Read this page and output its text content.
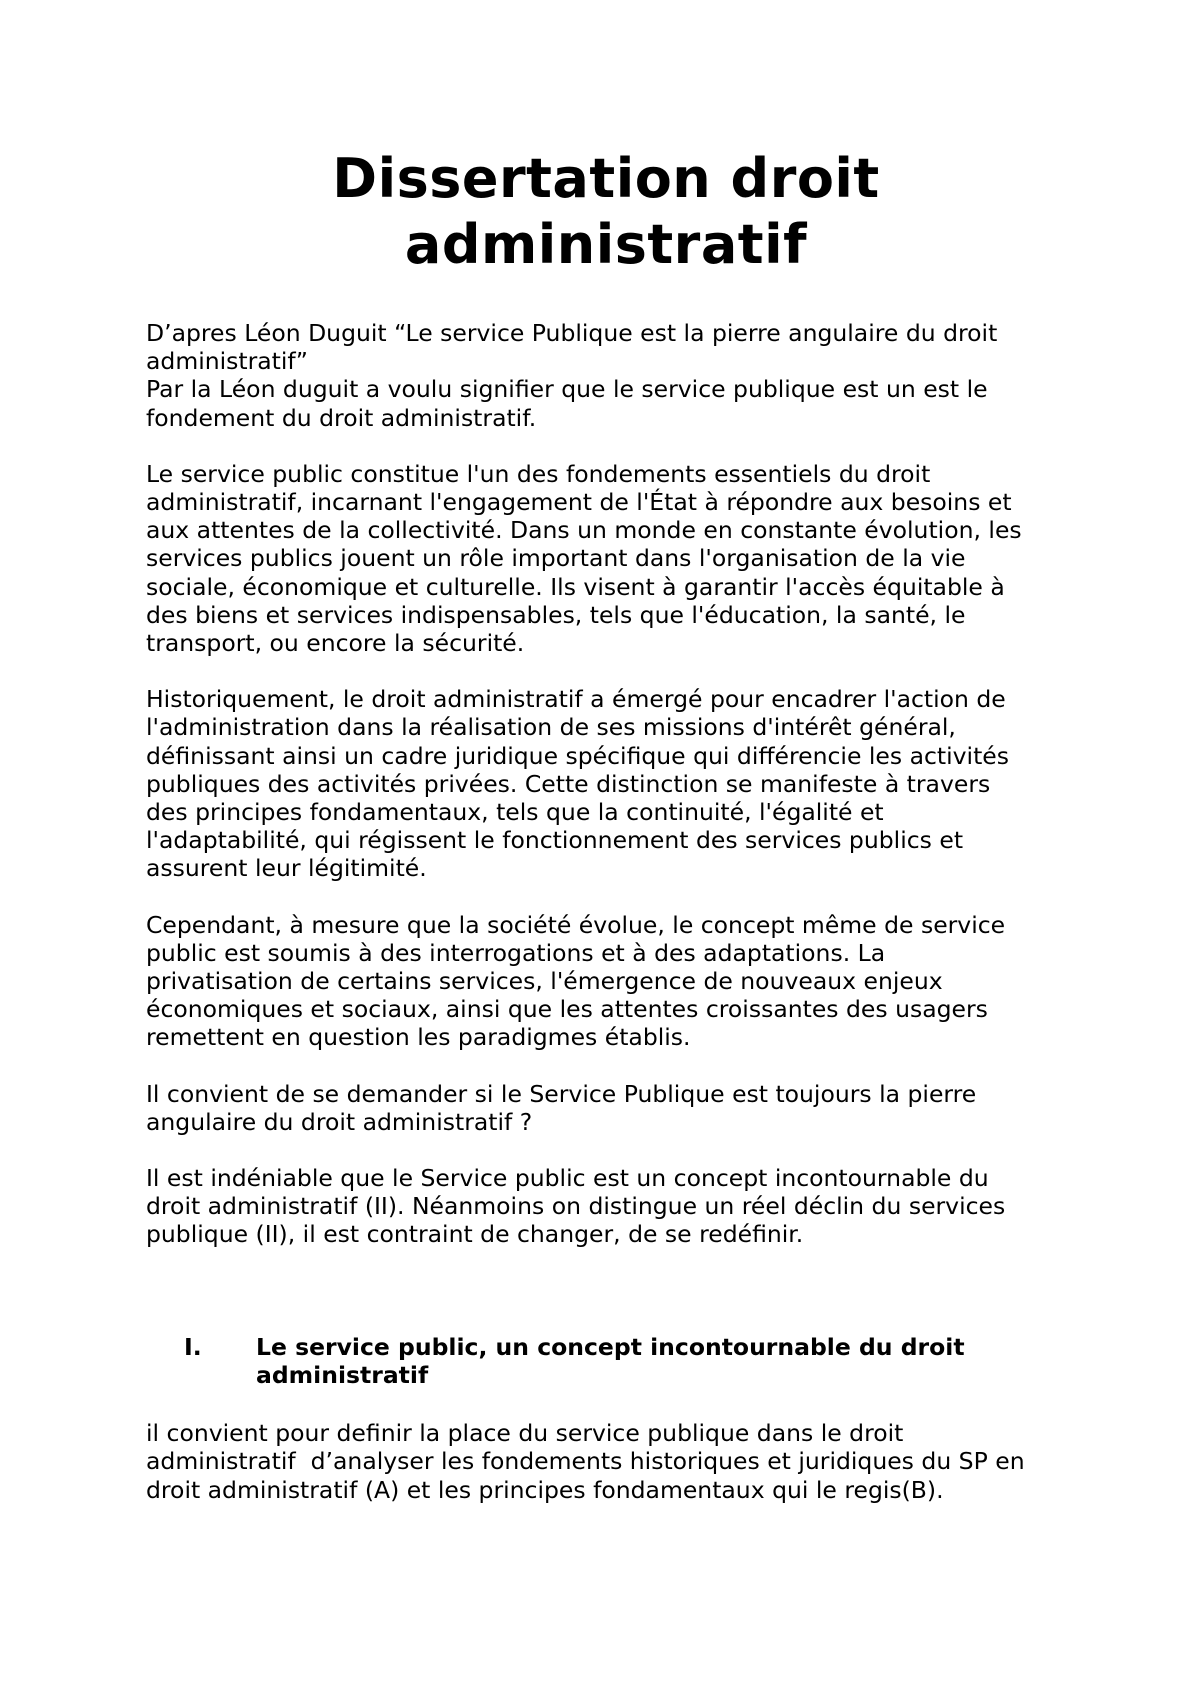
Dissertation droit
administratif

D’apres Léon Duguit “Le service Publique est la pierre angulaire du droit
administratif”
Par la Léon duguit a voulu signifier que le service publique est un est le
fondement du droit administratif.

Le service public constitue l'un des fondements essentiels du droit
administratif, incarnant l'engagement de l'État à répondre aux besoins et
aux attentes de la collectivité. Dans un monde en constante évolution, les
services publics jouent un rôle important dans l'organisation de la vie
sociale, économique et culturelle. Ils visent à garantir l'accès équitable à
des biens et services indispensables, tels que l'éducation, la santé, le
transport, ou encore la sécurité.

Historiquement, le droit administratif a émergé pour encadrer l'action de
l'administration dans la réalisation de ses missions d'intérêt général,
définissant ainsi un cadre juridique spécifique qui différencie les activités
publiques des activités privées. Cette distinction se manifeste à travers
des principes fondamentaux, tels que la continuité, l'égalité et
l'adaptabilité, qui régissent le fonctionnement des services publics et
assurent leur légitimité.

Cependant, à mesure que la société évolue, le concept même de service
public est soumis à des interrogations et à des adaptations. La
privatisation de certains services, l'émergence de nouveaux enjeux
économiques et sociaux, ainsi que les attentes croissantes des usagers
remettent en question les paradigmes établis.

Il convient de se demander si le Service Publique est toujours la pierre
angulaire du droit administratif ?

Il est indéniable que le Service public est un concept incontournable du
droit administratif (II). Néanmoins on distingue un réel déclin du services
publique (II), il est contraint de changer, de se redéfinir.

I.	Le service public, un concept incontournable du droit
administratif

il convient pour definir la place du service publique dans le droit
administratif  d’analyser les fondements historiques et juridiques du SP en
droit administratif (A) et les principes fondamentaux qui le regis(B).
